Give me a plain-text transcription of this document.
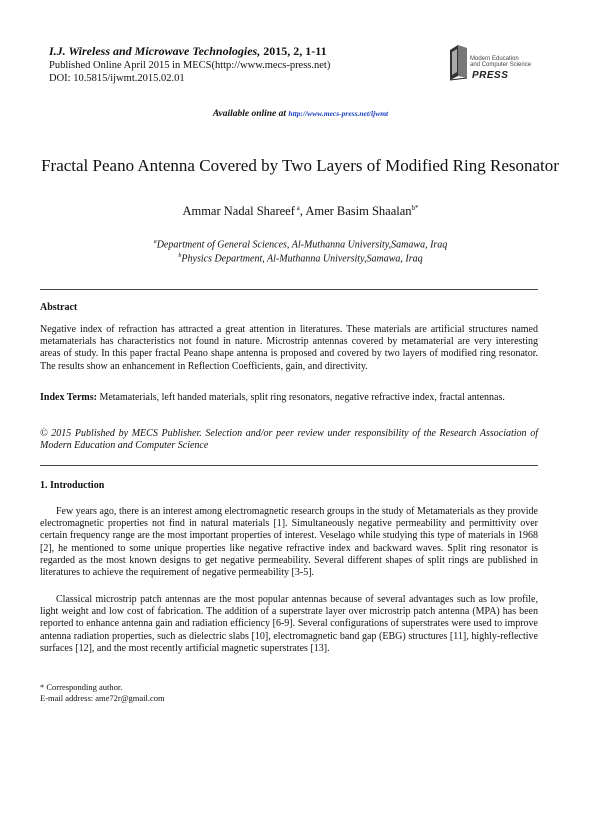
I.J. Wireless and Microwave Technologies, 2015, 2, 1-11
Published Online April 2015 in MECS(http://www.mecs-press.net)
DOI: 10.5815/ijwmt.2015.02.01
Modern Education
and Computer Science
PRESS
Available online at http://www.mecs-press.net/ijwmt
Fractal Peano Antenna Covered by Two Layers of Modified Ring Resonator
Ammar Nadal Shareef $^a$, Amer Basim Shaalan$^{b*}$
$^a$Department of General Sciences, Al-Muthanna University,Samawa, Iraq
$^b$Physics Department, Al-Muthanna University,Samawa, Iraq
Abstract
Negative index of refraction has attracted a great attention in literatures. These materials are artificial structures named metamaterials has characteristics not found in nature. Microstrip antennas covered by metamaterial are very interesting areas of study. In this paper fractal Peano shape antenna is proposed and covered by two layers of modified ring resonator. The results show an enhancement in Reflection Coefficients, gain, and directivity.
Index Terms: Metamaterials, left handed materials, split ring resonators, negative refractive index, fractal antennas.
© 2015 Published by MECS Publisher. Selection and/or peer review under responsibility of the Research Association of Modern Education and Computer Science
1. Introduction
Few years ago, there is an interest among electromagnetic research groups in the study of Metamaterials as they provide electromagnetic properties not find in natural materials [1]. Simultaneously negative permeability and permittivity over certain frequency range are the most important properties of interest. Veselago while studying this type of materials in 1968 [2], he mentioned to some unique properties like negative refractive index and backward waves. Split ring resonator is regarded as the most known designs to get negative permeability. Several different shapes of split rings are published in literatures to achieve the requirement of negative permeability [3-5].
Classical microstrip patch antennas are the most popular antennas because of several advantages such as low profile, light weight and low cost of fabrication. The addition of a superstrate layer over microstrip patch antenna (MPA) has been reported to enhance antenna gain and radiation efficiency [6-9]. Several configurations of superstrates were used to improve antenna radiation properties, such as dielectric slabs [10], electromagnetic band gap (EBG) structures [11], highly-reflective surfaces [12], and the most recently artificial magnetic superstrates [13].
* Corresponding author.
E-mail address: ame72r@gmail.com
